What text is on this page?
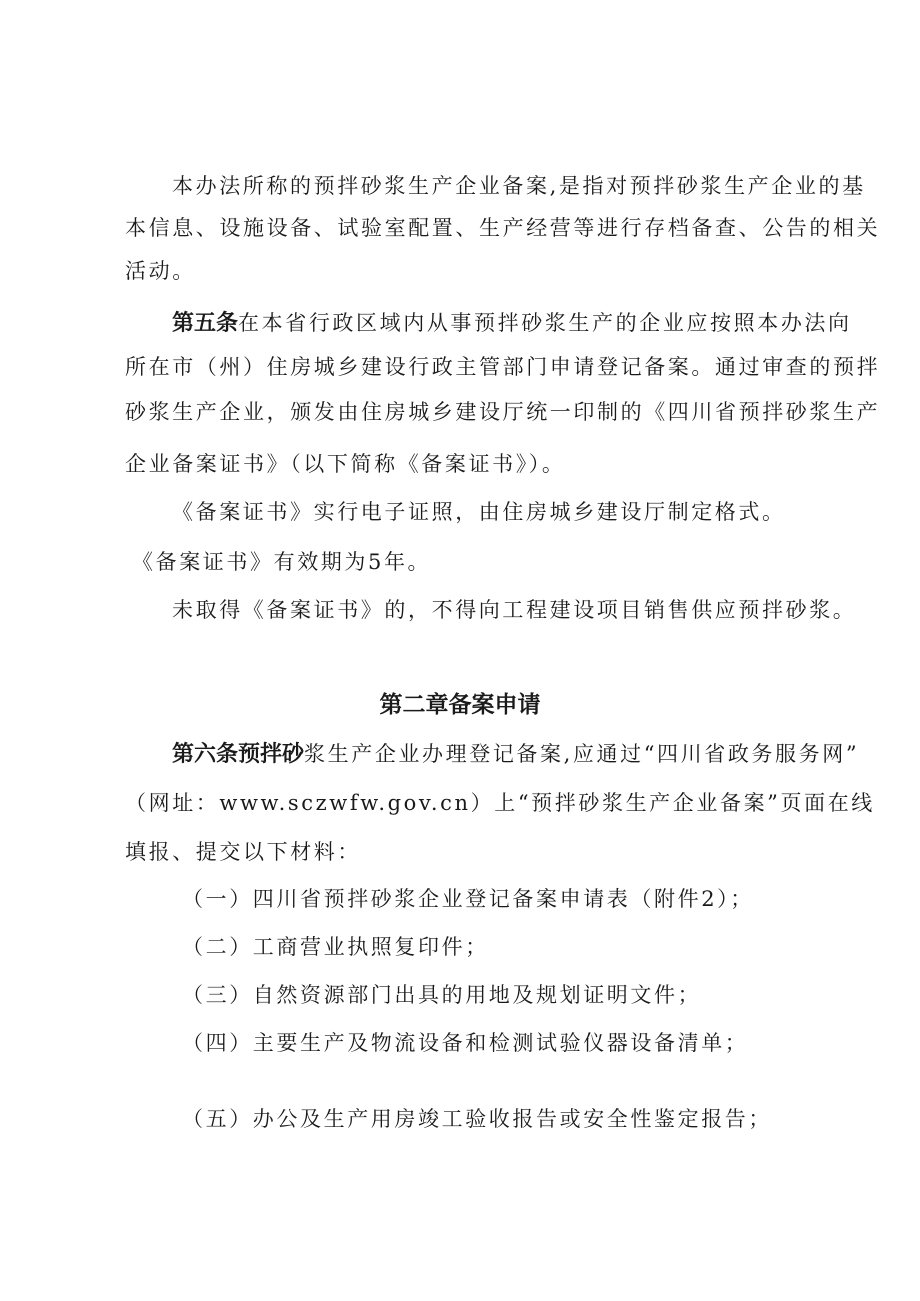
本办法所称的预拌砂浆生产企业备案,是指对预拌砂浆生产企业的基
本信息、设施设备、试验室配置、生产经营等进行存档备查、公告的相关
活动。
第五条在本省行政区域内从事预拌砂浆生产的企业应按照本办法向
所在市（州）住房城乡建设行政主管部门申请登记备案。通过审查的预拌
砂浆生产企业，颁发由住房城乡建设厅统一印制的《四川省预拌砂浆生产
企业备案证书》（以下简称《备案证书》）。
《备案证书》实行电子证照，由住房城乡建设厅制定格式。
《备案证书》有效期为5年。
未取得《备案证书》的，不得向工程建设项目销售供应预拌砂浆。
第二章备案申请
第六条预拌砂浆生产企业办理登记备案,应通过“四川省政务服务网”
（网址：www.sczwfw.gov.cn）上“预拌砂浆生产企业备案”页面在线
填报、提交以下材料：
（一）四川省预拌砂浆企业登记备案申请表（附件2）；
（二）工商营业执照复印件；
（三）自然资源部门出具的用地及规划证明文件；
（四）主要生产及物流设备和检测试验仪器设备清单；
（五）办公及生产用房竣工验收报告或安全性鉴定报告；
